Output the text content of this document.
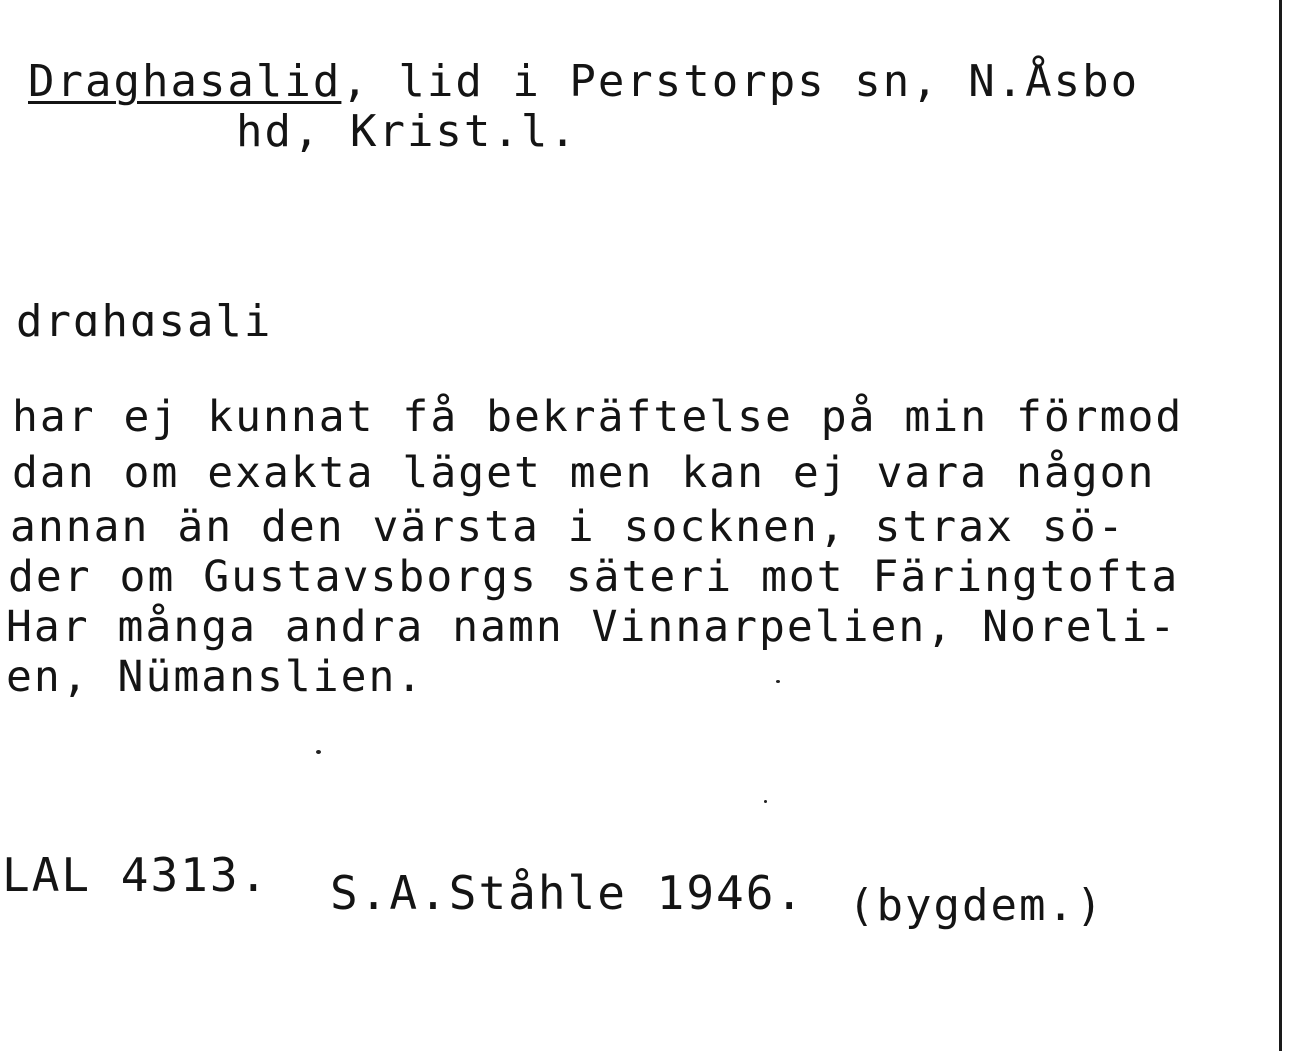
Draghasalid, lid i Perstorps sn, N.Åsbo
hd, Krist.l.
drɑhɑsali
har ej kunnat få bekräftelse på min förmod
dan om exakta läget men kan ej vara någon
annan än den värsta i socknen, strax sö-
der om Gustavsborgs säteri mot Färingtofta
Har många andra namn Vinnarpelien, Noreli-
en, Nümanslien.
LAL 4313. S.A.Ståhle 1946. (bygdem.)
